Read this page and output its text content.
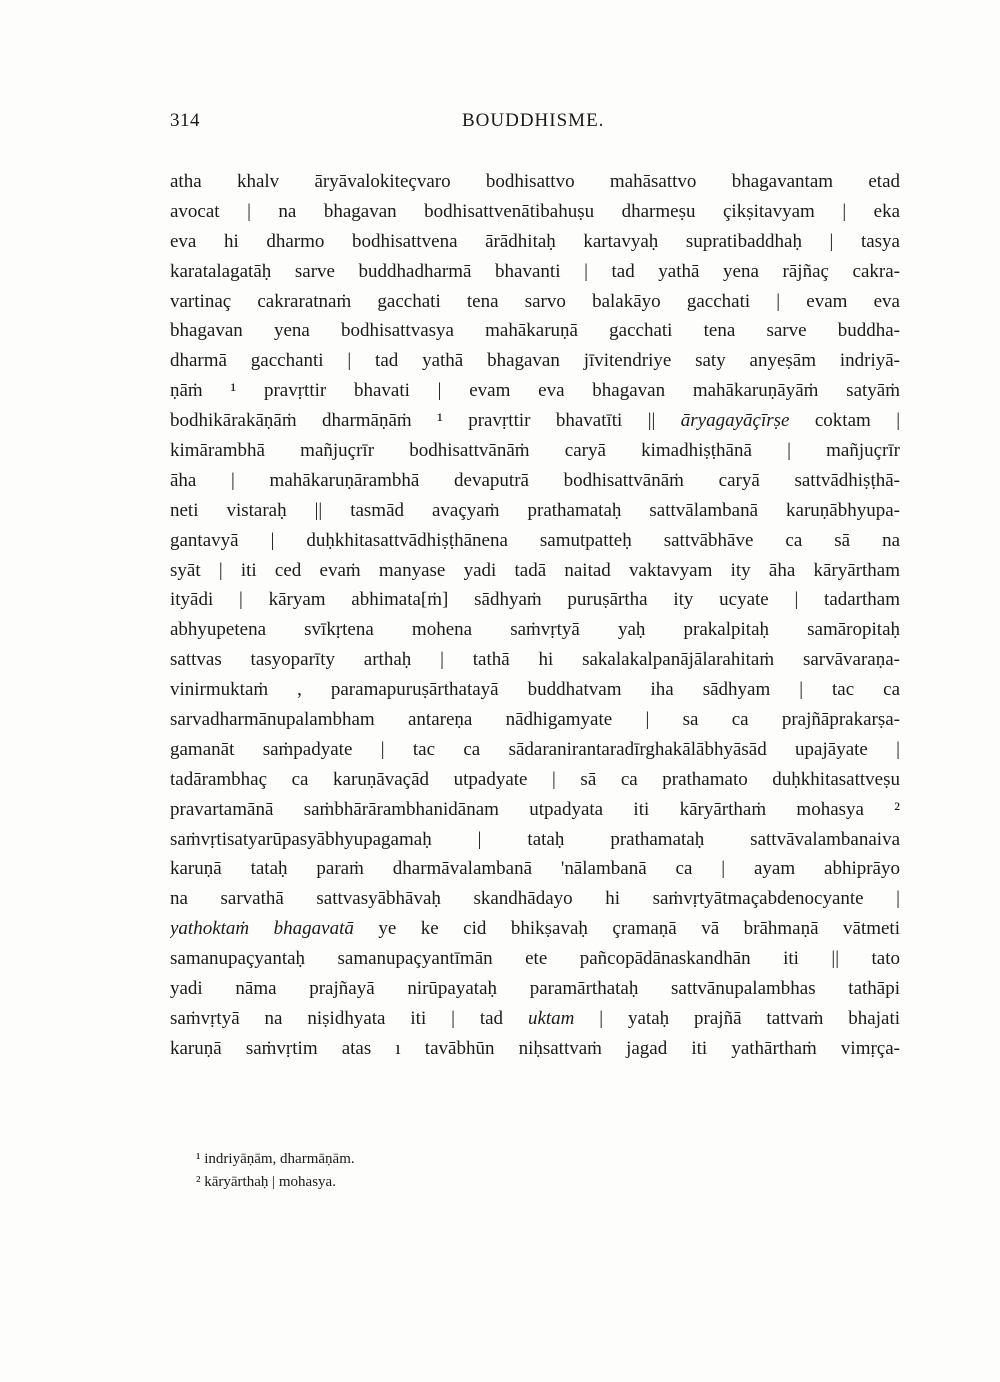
314	BOUDDHISME.
atha khalv āryāvalokiteçvaro bodhisattvo mahāsattvo bhagavantam etad
avocat | na bhagavan bodhisattvenātibahuṣu dharmeṣu çikṣitavyam | eka
eva hi dharmo bodhisattvena ārādhitaḥ kartavyaḥ supratibaddhaḥ | tasya
karatalagatāḥ sarve buddhadharmā bhavanti | tad yathā yena rājñaç cakra-
vartinaç cakraratnaṁ gacchati tena sarvo balakāyo gacchati | evam eva
bhagavan yena bodhisattvasya mahākaruṇā gacchati tena sarve buddha-
dharmā gacchanti | tad yathā bhagavan jīvitendriye saty anyeṣām indriyā-
ṇāṁ ¹ pravṛttir bhavati | evam eva bhagavan mahākaruṇāyāṁ satyāṁ
bodhikārakāṇāṁ dharmāṇāṁ ¹ pravṛttir bhavatīti || āryagayāçīrṣe coktam |
kimārambhā mañjuçrīr bodhisattvānāṁ caryā kimadhiṣṭhānā | mañjuçrīr
āha | mahākaruṇārambhā devaputrā bodhisattvānāṁ caryā sattvādhiṣṭhā-
neti vistaraḥ || tasmād avaçyaṁ prathamataḥ sattvālambanā karuṇābhyupa-
gantavyā | duḥkhitasattvādhiṣṭhānena samutpatteḥ sattvābhāve ca sā na
syāt | iti ced evaṁ manyase yadi tadā naitad vaktavyam ity āha kāryārtham
ityādi | kāryam abhimata[ṁ] sādhyaṁ puruṣārtha ity ucyate | tadartham
abhyupetena svīkṛtena mohena saṁvṛtyā yaḥ prakalpitaḥ samāropitaḥ
sattvas tasyoparīty arthaḥ | tathā hi sakalakalpanājālarahitaṁ sarvāvaraṇa-
vinirmuktaṁ , paramapuruṣārthatayā buddhatvam iha sādhyam | tac ca
sarvadharmānupalambham antareṇa nādhigamyate | sa ca prajñāprakarṣa-
gamanāt saṁpadyate | tac ca sādaranirantaradīrghakālābhyāsād upajāyate |
tadārambhaç ca karuṇāvaçād utpadyate | sā ca prathamato duḥkhitasattveṣu
pravartamānā saṁbhārārambhanidānam utpadyata iti kāryārthaṁ mohasya ²
saṁvṛtisatyarūpasyābhyupagamaḥ | tataḥ prathamataḥ sattvāvalambanaiva
karuṇā tataḥ paraṁ dharmāvalambanā 'nālambanā ca | ayam abhiprāyo
na sarvathā sattvasyābhāvaḥ skandhādayo hi saṁvṛtyātmaçabdenocyante |
yathoktaṁ bhagavatā ye ke cid bhikṣavaḥ çramaṇā vā brāhmaṇā vātmeti
samanupaçyantaḥ samanupaçyantīmān ete pañcopādānaskandhān iti || tato
yadi nāma prajñayā nirūpayataḥ paramārthataḥ sattvānupalambhas tathāpi
saṁvṛtyā na niṣidhyata iti | tad uktam | yataḥ prajñā tattvaṁ bhajati
karuṇā saṁvṛtim atas ı tavābhūn niḥsattvaṁ jagad iti yathārthaṁ vimṛça-
¹ indriyāṇām, dharmāṇām.
² kāryārthaḥ | mohasya.
